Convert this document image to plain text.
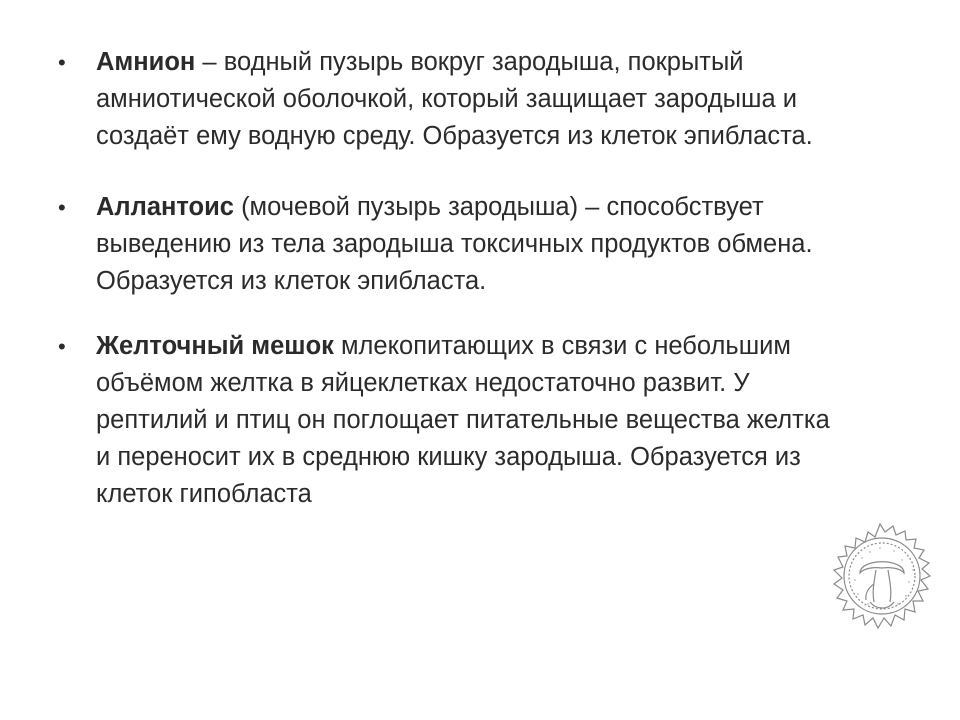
• Амнион – водный пузырь вокруг зародыша, покрытый амниотической оболочкой, который защищает зародыша и создаёт ему водную среду. Образуется из клеток эпибласта.
• Аллантоис (мочевой пузырь зародыша) – способствует выведению из тела зародыша токсичных продуктов обмена. Образуется из клеток эпибласта.
• Желточный мешок млекопитающих в связи с небольшим объёмом желтка в яйцеклетках недостаточно развит. У рептилий и птиц он поглощает питательные вещества желтка и переносит их в среднюю кишку зародыша. Образуется из клеток гипобласта
